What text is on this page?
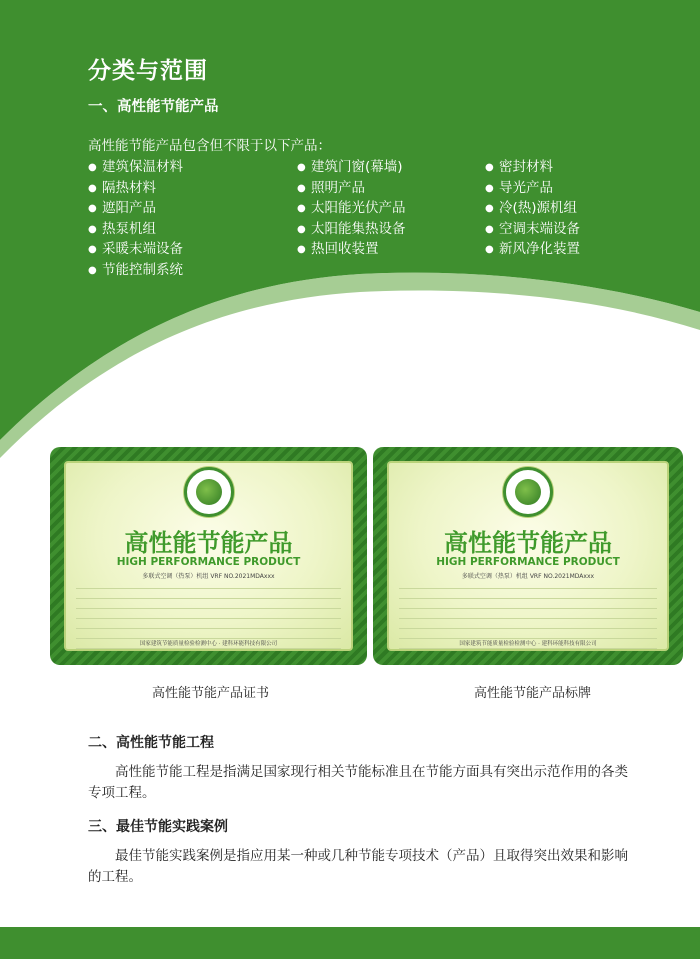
分类与范围
一、高性能节能产品
高性能节能产品包含但不限于以下产品：
● 建筑保温材料
● 隔热材料
● 遮阳产品
● 热泵机组
● 采暖末端设备
● 节能控制系统
● 建筑门窗(幕墙)
● 照明产品
● 太阳能光伏产品
● 太阳能集热设备
● 热回收装置
● 密封材料
● 导光产品
● 冷(热)源机组
● 空调末端设备
● 新风净化装置
高性能节能产品
HIGH PERFORMANCE PRODUCT
多联式空调（热泵）机组 VRF NO.2021MDAxxx
国家建筑节能质量检验检测中心 · 建科环能科技有限公司
高性能节能产品
HIGH PERFORMANCE PRODUCT
多联式空调（热泵）机组 VRF NO.2021MDAxxx
国家建筑节能质量检验检测中心 · 建科环能科技有限公司
高性能节能产品证书	高性能节能产品标牌
二、高性能节能工程
高性能节能工程是指满足国家现行相关节能标准且在节能方面具有突出示范作用的各类专项工程。
三、最佳节能实践案例
最佳节能实践案例是指应用某一种或几种节能专项技术（产品）且取得突出效果和影响的工程。
